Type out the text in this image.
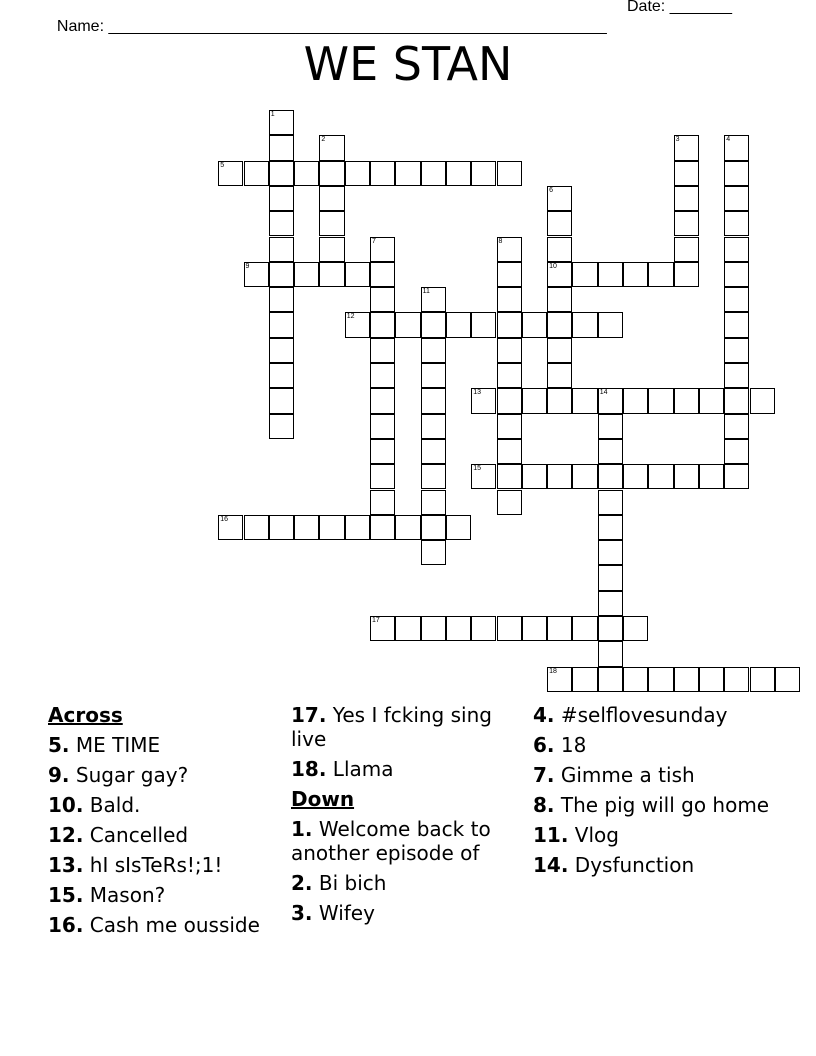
Name: ________________________________________________________

Date: _______

WE STAN
1
2	3	4
5
6
10
7	8
9
11
12
13	14
15
16
17
18
Across
5. ME TIME
9. Sugar gay?
10. Bald.
12. Cancelled
13. hI sIsTeRs!;1!
15. Mason?
16. Cash me ousside
17. Yes I fcking sing live
18. Llama
Down
1. Welcome back to another episode of
2. Bi bich
3. Wifey
4. #selflovesunday
6. 18
7. Gimme a tish
8. The pig will go home
11. Vlog
14. Dysfunction
